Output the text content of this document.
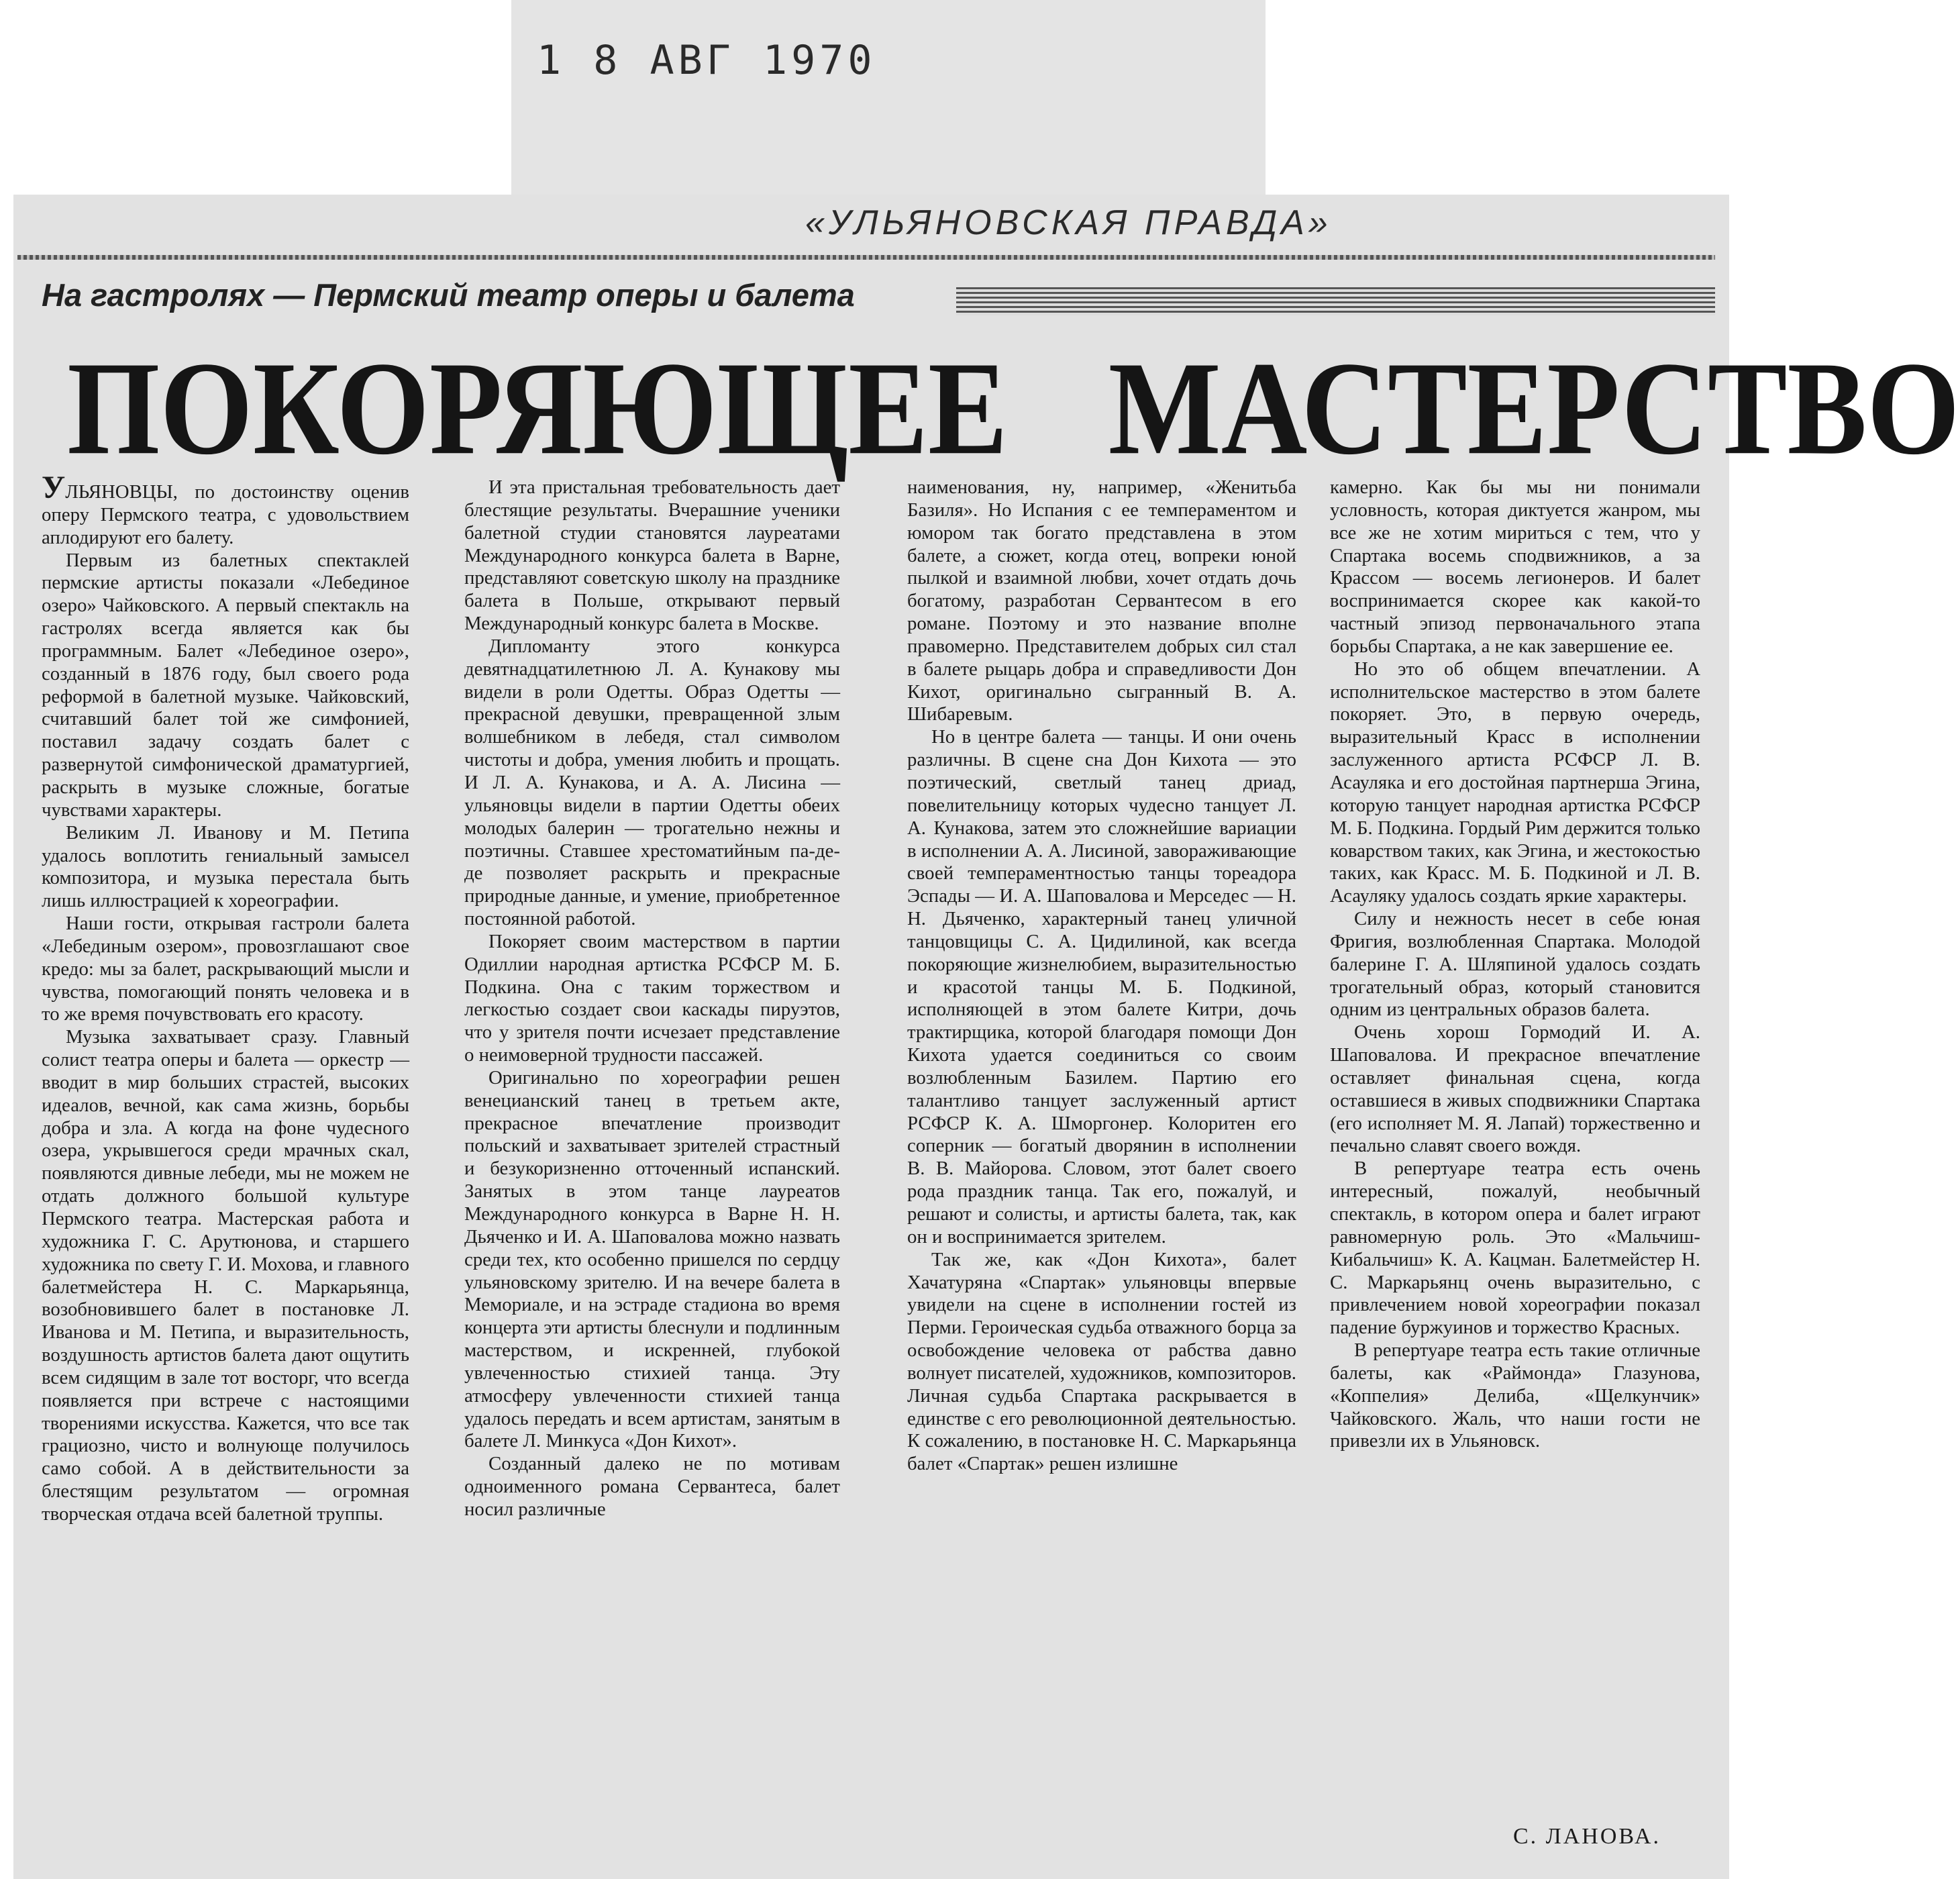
1 8 АВГ 1970
«УЛЬЯНОВСКАЯ ПРАВДА»
На гастролях — Пермский театр оперы и балета
ПОКОРЯЮЩЕЕ МАСТЕРСТВО

УЛЬЯНОВЦЫ, по достоинству оценив оперу Пермского театра, с удовольствием аплодируют его балету.

Первым из балетных спектаклей пермские артисты показали «Лебединое озеро» Чайковского. А первый спектакль на гастролях всегда является как бы программным. Балет «Лебединое озеро», созданный в 1876 году, был своего рода реформой в балетной музыке. Чайковский, считавший балет той же симфонией, поставил задачу создать балет с развернутой симфонической драматургией, раскрыть в музыке сложные, богатые чувствами характеры.

Великим Л. Иванову и М. Петипа удалось воплотить гениальный замысел композитора, и музыка перестала быть лишь иллюстрацией к хореографии.

Наши гости, открывая гастроли балета «Лебединым озером», провозглашают свое кредо: мы за балет, раскрывающий мысли и чувства, помогающий понять человека и в то же время почувствовать его красоту.

Музыка захватывает сразу. Главный солист театра оперы и балета — оркестр — вводит в мир больших страстей, высоких идеалов, вечной, как сама жизнь, борьбы добра и зла. А когда на фоне чудесного озера, укрывшегося среди мрачных скал, появляются дивные лебеди, мы не можем не отдать должного большой культуре Пермского театра. Мастерская работа и художника Г. С. Арутюнова, и старшего художника по свету Г. И. Мохова, и главного балетмейстера Н. С. Маркарьянца, возобновившего балет в постановке Л. Иванова и М. Петипа, и выразительность, воздушность артистов балета дают ощутить всем сидящим в зале тот восторг, что всегда появляется при встрече с настоящими творениями искусства. Кажется, что все так грациозно, чисто и волнующе получилось само собой. А в действительности за блестящим результатом — огромная творческая отдача всей балетной труппы.

И эта пристальная требовательность дает блестящие результаты. Вчерашние ученики балетной студии становятся лауреатами Международного конкурса балета в Варне, представляют советскую школу на празднике балета в Польше, открывают первый Международный конкурс балета в Москве.

Дипломанту этого конкурса девятнадцатилетнюю Л. А. Кунакову мы видели в роли Одетты. Образ Одетты — прекрасной девушки, превращенной злым волшебником в лебедя, стал символом чистоты и добра, умения любить и прощать. И Л. А. Кунакова, и А. А. Лисина — ульяновцы видели в партии Одетты обеих молодых балерин — трогательно нежны и поэтичны. Ставшее хрестоматийным па-де-де позволяет раскрыть и прекрасные природные данные, и умение, приобретенное постоянной работой.

Покоряет своим мастерством в партии Одиллии народная артистка РСФСР М. Б. Подкина. Она с таким торжеством и легкостью создает свои каскады пируэтов, что у зрителя почти исчезает представление о неимоверной трудности пассажей.

Оригинально по хореографии решен венецианский танец в третьем акте, прекрасное впечатление производит польский и захватывает зрителей страстный и безукоризненно отточенный испанский. Занятых в этом танце лауреатов Международного конкурса в Варне Н. Н. Дьяченко и И. А. Шаповалова можно назвать среди тех, кто особенно пришелся по сердцу ульяновскому зрителю. И на вечере балета в Мемориале, и на эстраде стадиона во время концерта эти артисты блеснули и подлинным мастерством, и искренней, глубокой увлеченностью стихией танца. Эту атмосферу увлеченности стихией танца удалось передать и всем артистам, занятым в балете Л. Минкуса «Дон Кихот».

Созданный далеко не по мотивам одноименного романа Сервантеса, балет носил различные

наименования, ну, например, «Женитьба Базиля». Но Испания с ее темпераментом и юмором так богато представлена в этом балете, а сюжет, когда отец, вопреки юной пылкой и взаимной любви, хочет отдать дочь богатому, разработан Сервантесом в его романе. Поэтому и это название вполне правомерно. Представителем добрых сил стал в балете рыцарь добра и справедливости Дон Кихот, оригинально сыгранный В. А. Шибаревым.

Но в центре балета — танцы. И они очень различны. В сцене сна Дон Кихота — это поэтический, светлый танец дриад, повелительницу которых чудесно танцует Л. А. Кунакова, затем это сложнейшие вариации в исполнении А. А. Лисиной, завораживающие своей темпераментностью танцы тореадора Эспады — И. А. Шаповалова и Мерседес — Н. Н. Дьяченко, характерный танец уличной танцовщицы С. А. Цидилиной, как всегда покоряющие жизнелюбием, выразительностью и красотой танцы М. Б. Подкиной, исполняющей в этом балете Китри, дочь трактирщика, которой благодаря помощи Дон Кихота удается соединиться со своим возлюбленным Базилем. Партию его талантливо танцует заслуженный артист РСФСР К. А. Шморгонер. Колоритен его соперник — богатый дворянин в исполнении В. В. Майорова. Словом, этот балет своего рода праздник танца. Так его, пожалуй, и решают и солисты, и артисты балета, так, как он и воспринимается зрителем.

Так же, как «Дон Кихота», балет Хачатуряна «Спартак» ульяновцы впервые увидели на сцене в исполнении гостей из Перми. Героическая судьба отважного борца за освобождение человека от рабства давно волнует писателей, художников, композиторов. Личная судьба Спартака раскрывается в единстве с его революционной деятельностью. К сожалению, в постановке Н. С. Маркарьянца балет «Спартак» решен излишне

камерно. Как бы мы ни понимали условность, которая диктуется жанром, мы все же не хотим мириться с тем, что у Спартака восемь сподвижников, а за Крассом — восемь легионеров. И балет воспринимается скорее как какой-то частный эпизод первоначального этапа борьбы Спартака, а не как завершение ее.

Но это об общем впечатлении. А исполнительское мастерство в этом балете покоряет. Это, в первую очередь, выразительный Красс в исполнении заслуженного артиста РСФСР Л. В. Асауляка и его достойная партнерша Эгина, которую танцует народная артистка РСФСР М. Б. Подкина. Гордый Рим держится только коварством таких, как Эгина, и жестокостью таких, как Красс. М. Б. Подкиной и Л. В. Асауляку удалось создать яркие характеры.

Силу и нежность несет в себе юная Фригия, возлюбленная Спартака. Молодой балерине Г. А. Шляпиной удалось создать трогательный образ, который становится одним из центральных образов балета.

Очень хорош Гормодий И. А. Шаповалова. И прекрасное впечатление оставляет финальная сцена, когда оставшиеся в живых сподвижники Спартака (его исполняет М. Я. Лапай) торжественно и печально славят своего вождя.

В репертуаре театра есть очень интересный, пожалуй, необычный спектакль, в котором опера и балет играют равномерную роль. Это «Мальчиш-Кибальчиш» К. А. Кацман. Балетмейстер Н. С. Маркарьянц очень выразительно, с привлечением новой хореографии показал падение буржуинов и торжество Красных.

В репертуаре театра есть такие отличные балеты, как «Раймонда» Глазунова, «Коппелия» Делиба, «Щелкунчик» Чайковского. Жаль, что наши гости не привезли их в Ульяновск.

С. ЛАНОВА.
